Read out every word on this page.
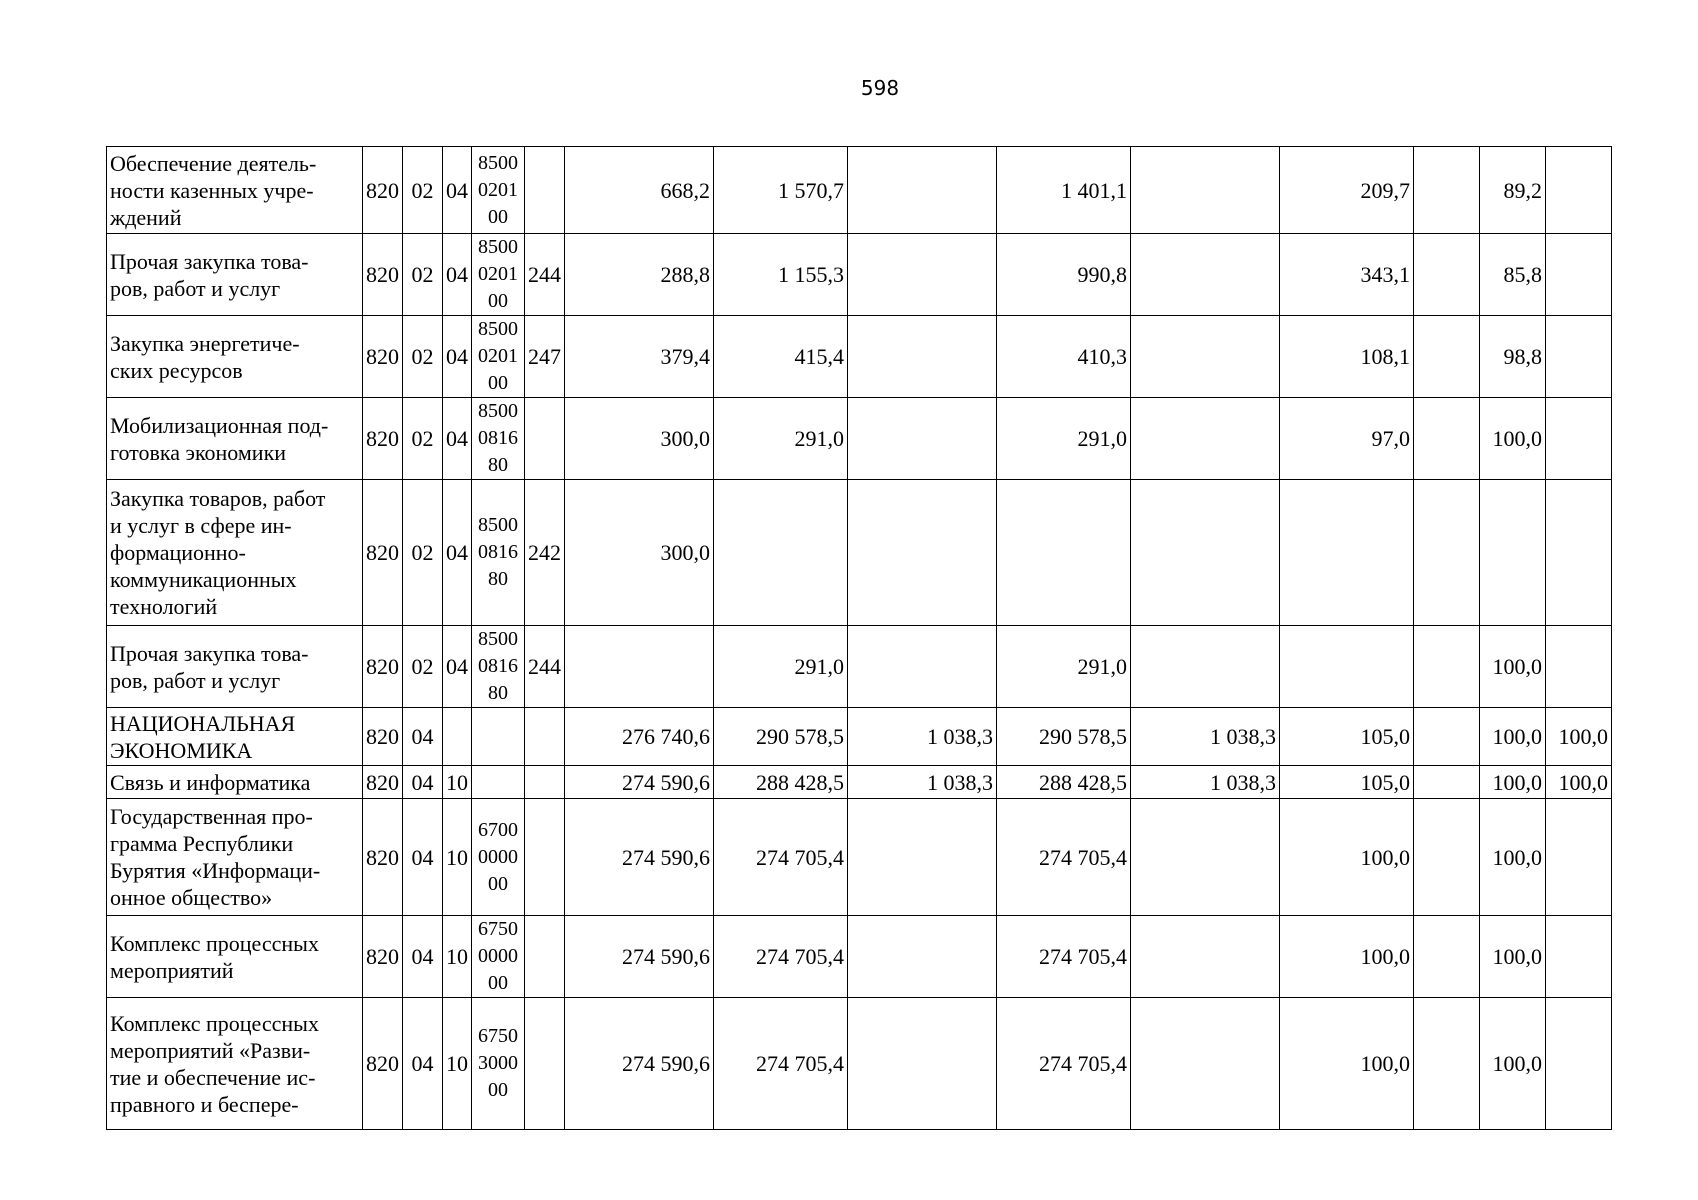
598
Обеспечение деятель-
ности казенных учре-
ждений	820	02	04	8500
0201
00		668,2	1 570,7		1 401,1		209,7		89,2	

Прочая закупка това-
ров, работ и услуг	820	02	04	8500
0201
00	244	288,8	1 155,3		990,8		343,1		85,8	

Закупка энергетиче-
ских ресурсов	820	02	04	8500
0201
00	247	379,4	415,4		410,3		108,1		98,8	

Мобилизационная под-
готовка экономики	820	02	04	8500
0816
80		300,0	291,0		291,0		97,0		100,0	

Закупка товаров, работ
и услуг в сфере ин-
формационно-
коммуникационных
технологий	820	02	04	8500
0816
80	242	300,0								

Прочая закупка това-
ров, работ и услуг	820	02	04	8500
0816
80	244		291,0		291,0				100,0	

НАЦИОНАЛЬНАЯ
ЭКОНОМИКА	820	04				276 740,6	290 578,5	1 038,3	290 578,5	1 038,3	105,0		100,0	100,0

Связь и информатика	820	04	10			274 590,6	288 428,5	1 038,3	288 428,5	1 038,3	105,0		100,0	100,0

Государственная про-
грамма Республики
Бурятия «Информаци-
онное общество»	820	04	10	6700
0000
00		274 590,6	274 705,4		274 705,4		100,0		100,0	

Комплекс процессных
мероприятий	820	04	10	6750
0000
00		274 590,6	274 705,4		274 705,4		100,0		100,0	

Комплекс процессных
мероприятий «Разви-
тие и обеспечение ис-
правного и беспере-	820	04	10	6750
3000
00		274 590,6	274 705,4		274 705,4		100,0		100,0	
